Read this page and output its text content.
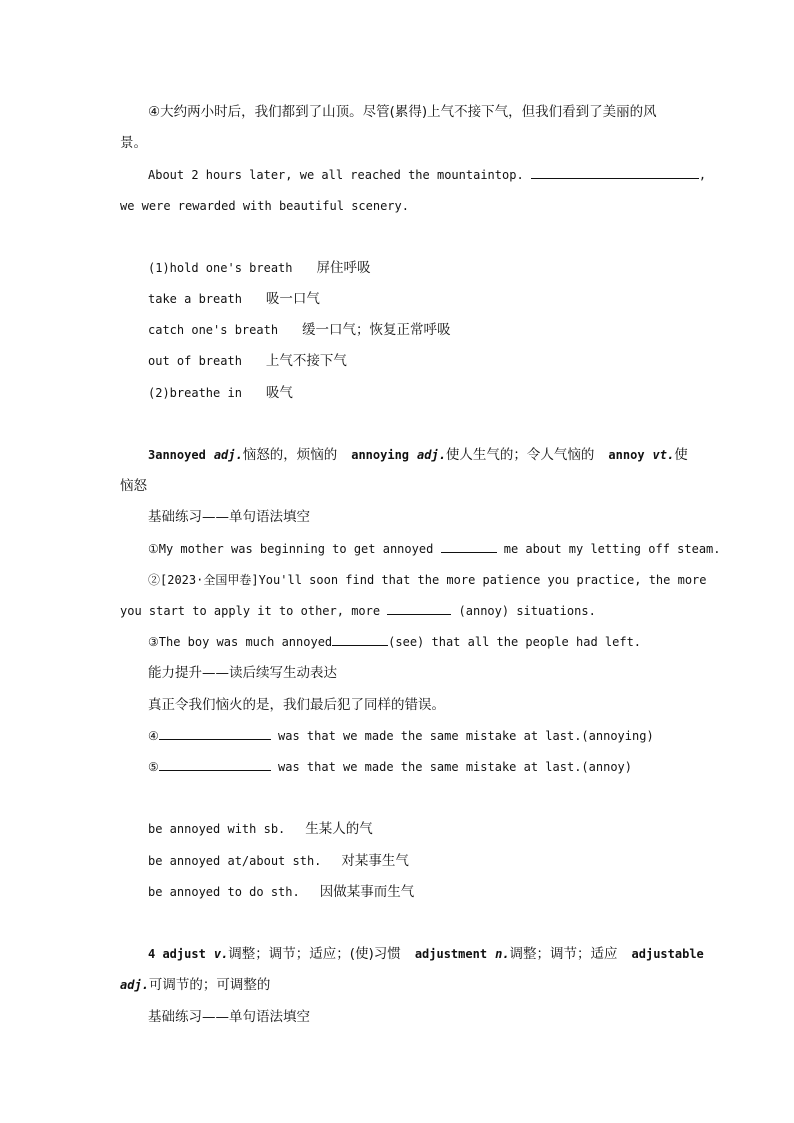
④大约两小时后，我们都到了山顶。尽管(累得)上气不接下气，但我们看到了美丽的风
景。
About 2 hours later, we all reached the mountaintop.	,
we were rewarded with beautiful scenery.
(1)hold one's breath 屏住呼吸
take a breath 吸一口气
catch one's breath 缓一口气；恢复正常呼吸
out of breath 上气不接下气
(2)breathe in 吸气
3annoyed adj.恼怒的，烦恼的 annoying adj.使人生气的；令人气恼的 annoy vt.使
恼怒
基础练习——单句语法填空
①My mother was beginning to get annoyed	me about my letting off steam.
②[2023·全国甲卷]You'll soon find that the more patience you practice, the more
you start to apply it to other, more	(annoy) situations.
③The boy was much annoyed	(see) that all the people had left.
能力提升——读后续写生动表达
真正令我们恼火的是，我们最后犯了同样的错误。
④	was that we made the same mistake at last.(annoying)
⑤	was that we made the same mistake at last.(annoy)
be annoyed with sb. 生某人的气
be annoyed at/about sth. 对某事生气
be annoyed to do sth. 因做某事而生气
4 adjust v.调整；调节；适应；(使)习惯 adjustment n.调整；调节；适应 adjustable
adj.可调节的；可调整的
基础练习——单句语法填空
